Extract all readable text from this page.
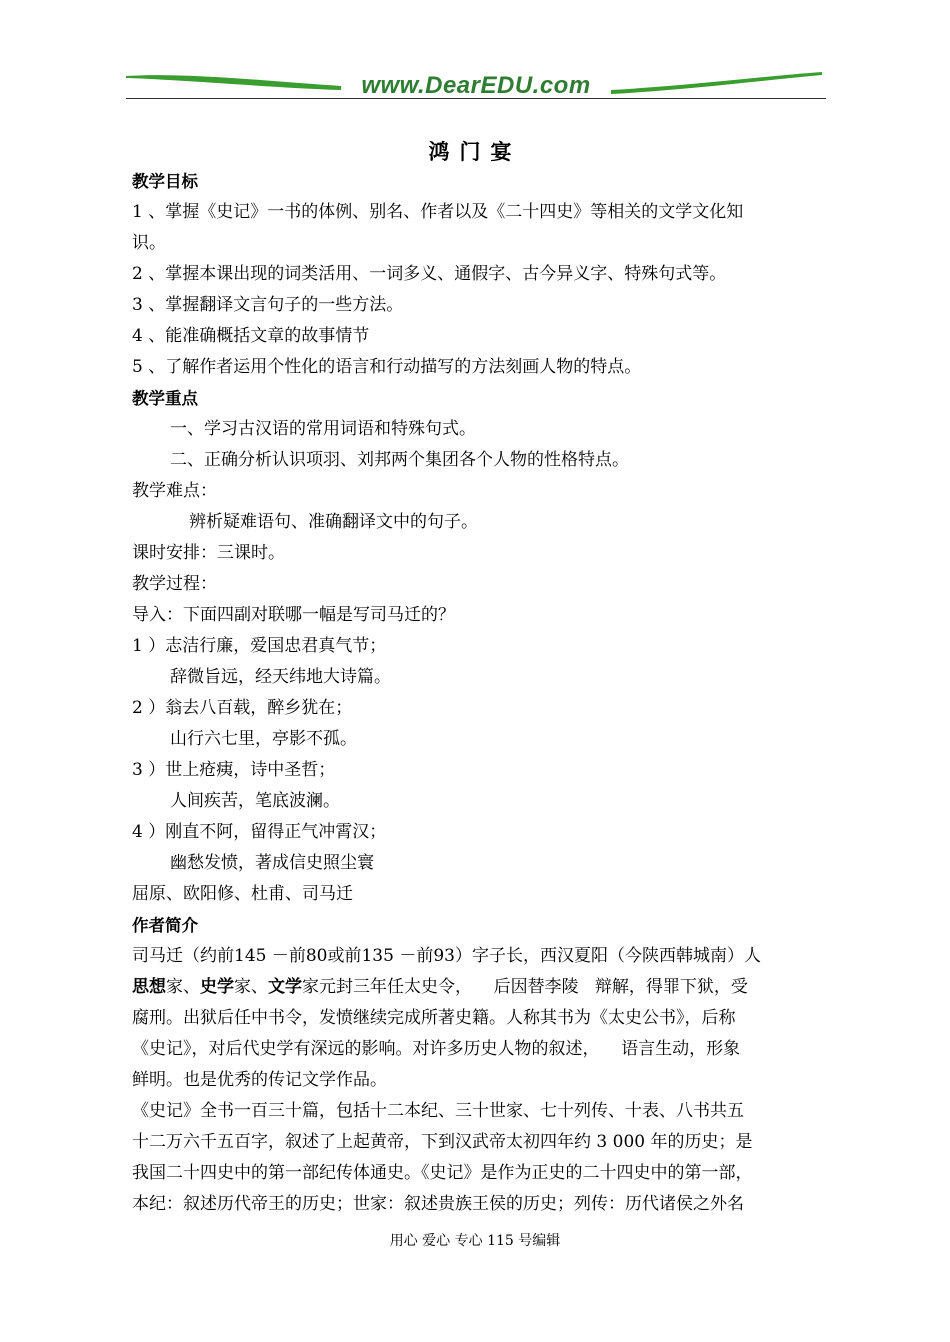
www.DearEDU.com
鸿门宴
教学目标
1 、掌握《史记》一书的体例、别名、作者以及《二十四史》等相关的文学文化知
识。
2 、掌握本课出现的词类活用、一词多义、通假字、古今异义字、特殊句式等。
3 、掌握翻译文言句子的一些方法。
4 、能准确概括文章的故事情节
5 、了解作者运用个性化的语言和行动描写的方法刻画人物的特点。
教学重点
一、学习古汉语的常用词语和特殊句式。
二、正确分析认识项羽、刘邦两个集团各个人物的性格特点。
教学难点：
辨析疑难语句、准确翻译文中的句子。
课时安排：三课时。
教学过程：
导入：下面四副对联哪一幅是写司马迁的？
1 ）志洁行廉，爱国忠君真气节；
辞微旨远，经天纬地大诗篇。
2 ）翁去八百载，醉乡犹在；
山行六七里，亭影不孤。
3 ）世上疮痍，诗中圣哲；
人间疾苦，笔底波澜。
4 ）刚直不阿，留得正气冲霄汉；
幽愁发愤，著成信史照尘寰
屈原、欧阳修、杜甫、司马迁
作者简介
司马迁（约前145 －前80或前135 －前93）字子长，西汉夏阳（今陕西韩城南）人
思想家、史学家、文学家元封三年任太史令，    后因替李陵   辩解，得罪下狱，受
腐刑。出狱后任中书令，发愤继续完成所著史籍。人称其书为《太史公书》，后称
《史记》，对后代史学有深远的影响。对许多历史人物的叙述，    语言生动，形象
鲜明。也是优秀的传记文学作品。
《史记》全书一百三十篇，包括十二本纪、三十世家、七十列传、十表、八书共五
十二万六千五百字，叙述了上起黄帝，下到汉武帝太初四年约 3 000 年的历史；是
我国二十四史中的第一部纪传体通史。《史记》是作为正史的二十四史中的第一部，
本纪：叙述历代帝王的历史；世家：叙述贵族王侯的历史；列传：历代诸侯之外名
用心 爱心 专心 115 号编辑
